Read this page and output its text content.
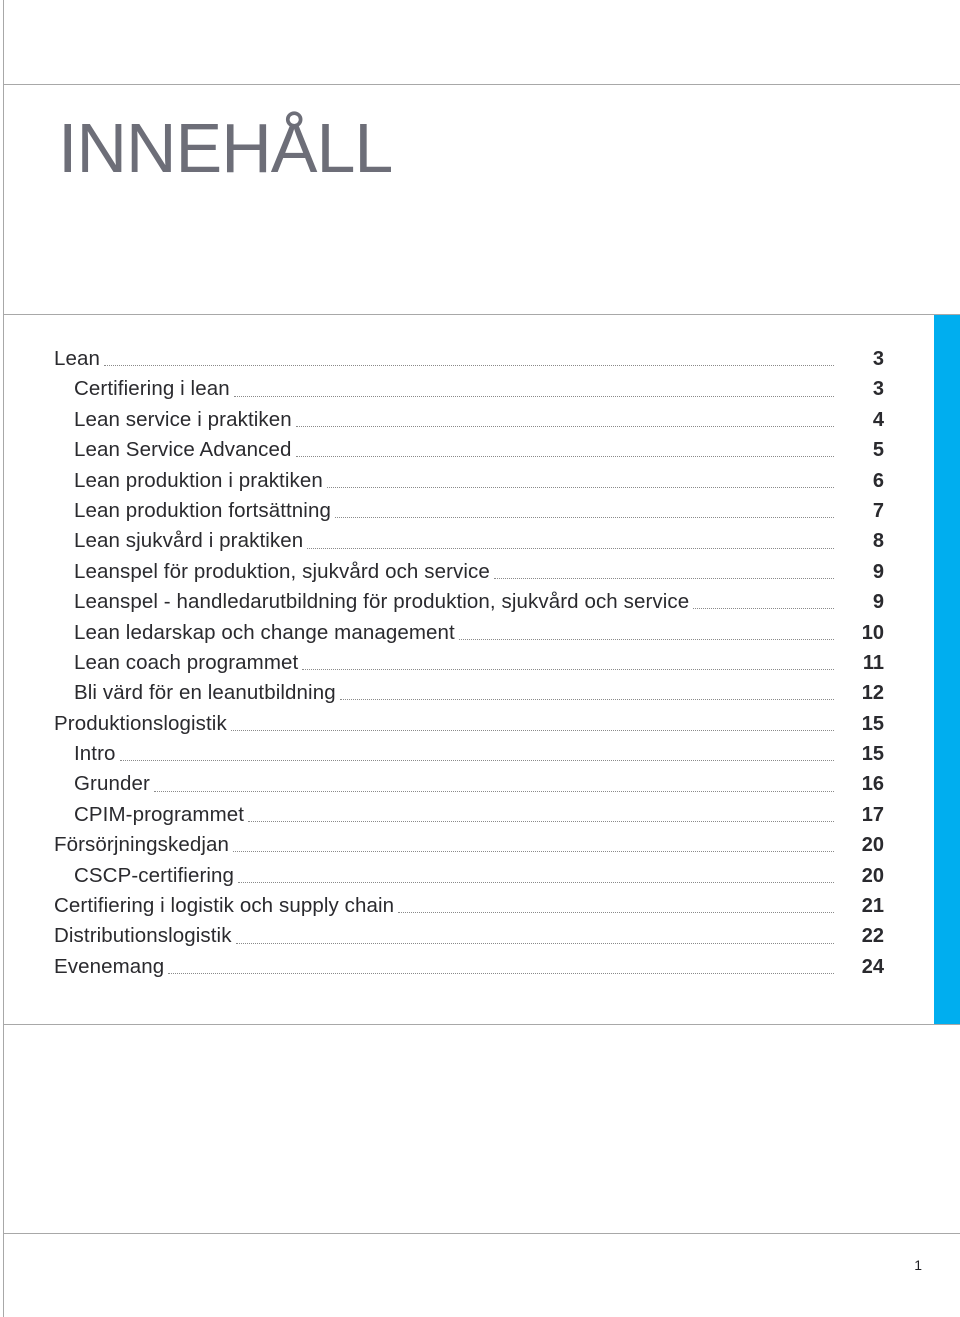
INNEHÅLL
Lean	3
Certifiering i lean	3
Lean service i praktiken	4
Lean Service Advanced	5
Lean produktion i praktiken	6
Lean produktion fortsättning	7
Lean sjukvård i praktiken	8
Leanspel för produktion, sjukvård och service	9
Leanspel - handledarutbildning för produktion, sjukvård och service	9
Lean ledarskap och change management	10
Lean coach programmet	11
Bli värd för en leanutbildning	12
Produktionslogistik	15
Intro	15
Grunder	16
CPIM-programmet	17
Försörjningskedjan	20
CSCP-certifiering	20
Certifiering i logistik och supply chain	21
Distributionslogistik	22
Evenemang	24
1
